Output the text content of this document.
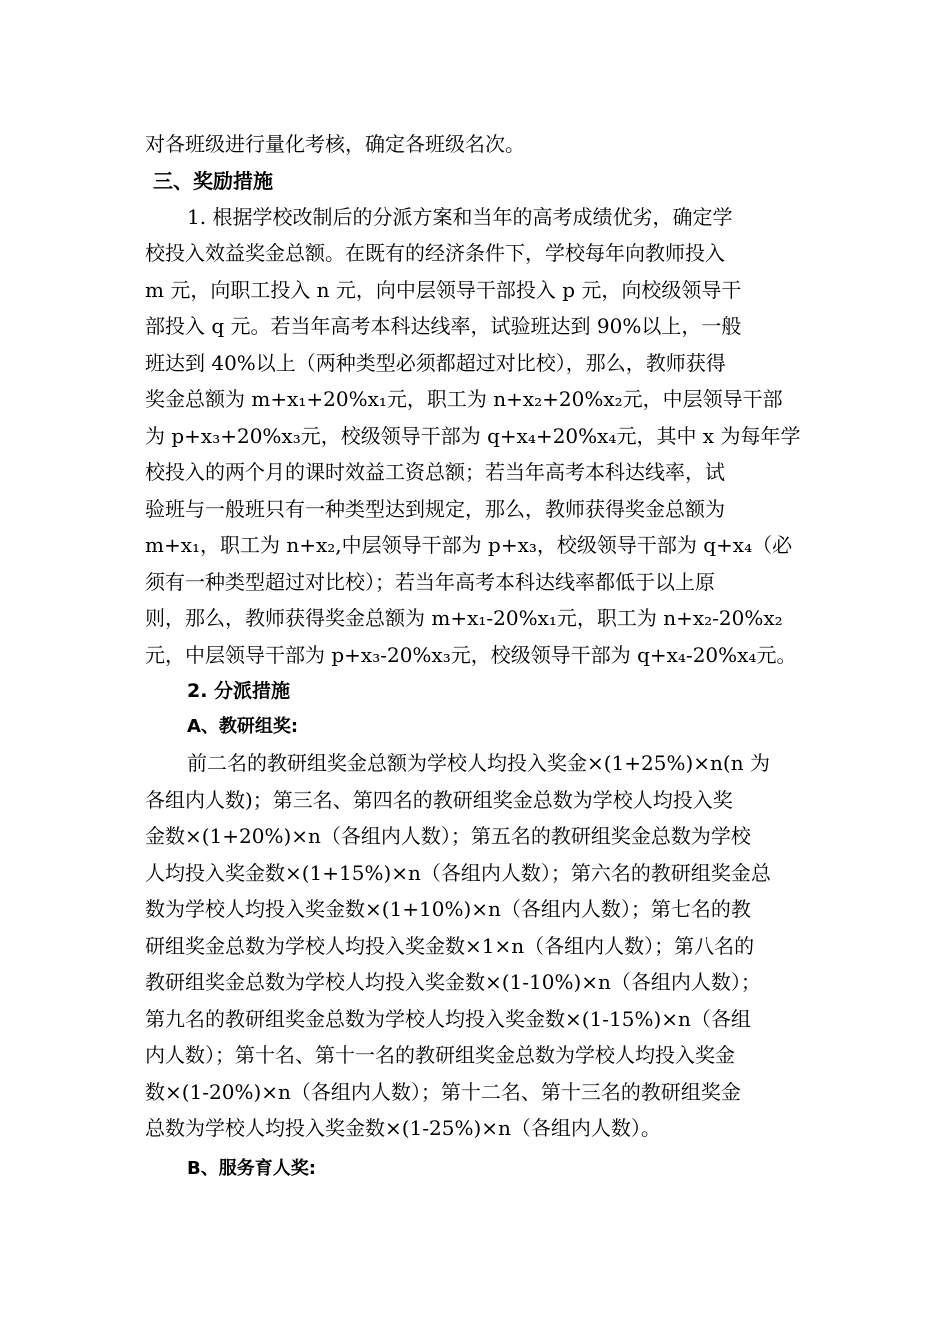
对各班级进行量化考核，确定各班级名次。
三、奖励措施
1. 根据学校改制后的分派方案和当年的高考成绩优劣，确定学
校投入效益奖金总额。在既有的经济条件下，学校每年向教师投入
m 元，向职工投入 n 元，向中层领导干部投入 p 元，向校级领导干
部投入 q 元。若当年高考本科达线率，试验班达到 90%以上，一般
班达到 40%以上（两种类型必须都超过对比校），那么，教师获得
奖金总额为 m+x₁+20%x₁元，职工为 n+x₂+20%x₂元，中层领导干部
为 p+x₃+20%x₃元，校级领导干部为 q+x₄+20%x₄元，其中 x 为每年学
校投入的两个月的课时效益工资总额；若当年高考本科达线率，试
验班与一般班只有一种类型达到规定，那么，教师获得奖金总额为
m+x₁，职工为 n+x₂,中层领导干部为 p+x₃，校级领导干部为 q+x₄（必
须有一种类型超过对比校）；若当年高考本科达线率都低于以上原
则，那么，教师获得奖金总额为 m+x₁-20%x₁元，职工为 n+x₂-20%x₂
元，中层领导干部为 p+x₃-20%x₃元，校级领导干部为 q+x₄-20%x₄元。
2. 分派措施
A、教研组奖:
前二名的教研组奖金总额为学校人均投入奖金×(1+25%)×n(n 为
各组内人数)；第三名、第四名的教研组奖金总数为学校人均投入奖
金数×(1+20%)×n（各组内人数）；第五名的教研组奖金总数为学校
人均投入奖金数×(1+15%)×n（各组内人数）；第六名的教研组奖金总
数为学校人均投入奖金数×(1+10%)×n（各组内人数）；第七名的教
研组奖金总数为学校人均投入奖金数×1×n（各组内人数）；第八名的
教研组奖金总数为学校人均投入奖金数×(1-10%)×n（各组内人数）；
第九名的教研组奖金总数为学校人均投入奖金数×(1-15%)×n（各组
内人数）；第十名、第十一名的教研组奖金总数为学校人均投入奖金
数×(1-20%)×n（各组内人数）；第十二名、第十三名的教研组奖金
总数为学校人均投入奖金数×(1-25%)×n（各组内人数）。
B、服务育人奖:
